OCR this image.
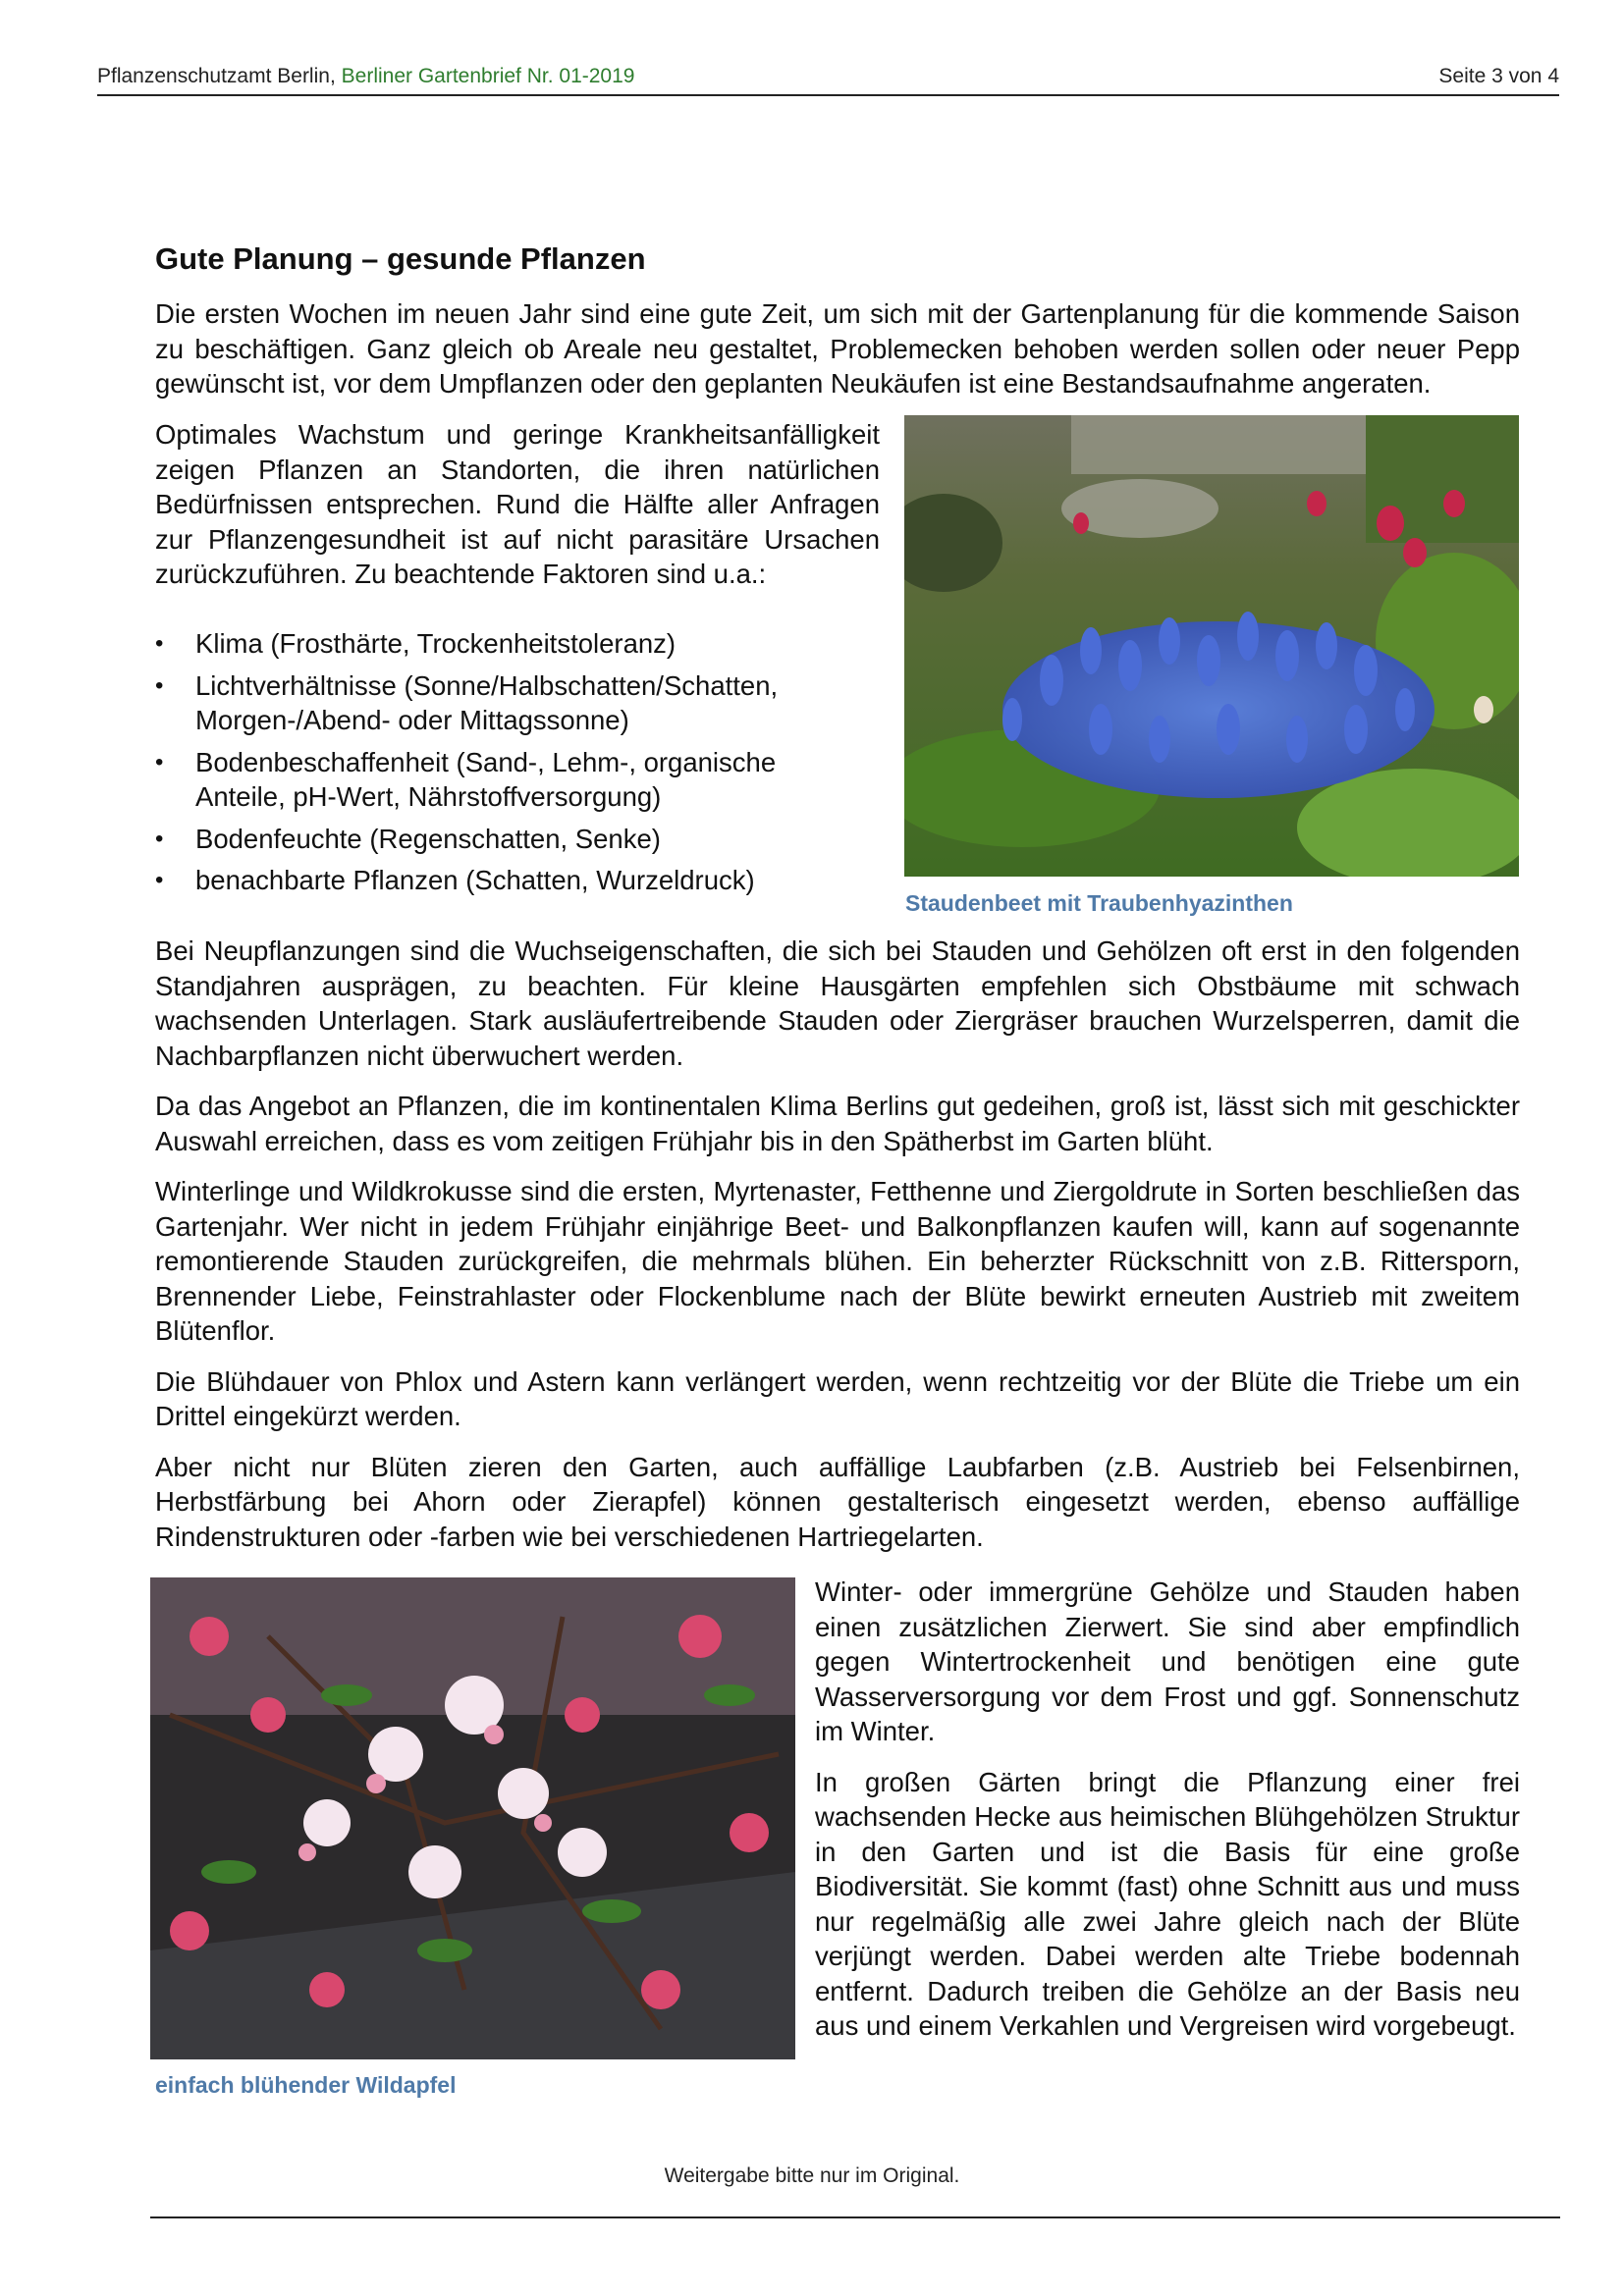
Pflanzenschutzamt Berlin, Berliner Gartenbrief Nr. 01-2019	Seite 3 von 4
Gute Planung – gesunde Pflanzen

Die ersten Wochen im neuen Jahr sind eine gute Zeit, um sich mit der Gartenplanung für die kommende Saison zu beschäftigen. Ganz gleich ob Areale neu gestaltet, Problemecken behoben werden sollen oder neuer Pepp gewünscht ist, vor dem Umpflanzen oder den geplanten Neukäufen ist eine Bestandsaufnahme angeraten.

Optimales Wachstum und geringe Krankheitsanfälligkeit zeigen Pflanzen an Standorten, die ihren natürlichen Bedürfnissen entsprechen. Rund die Hälfte aller Anfragen zur Pflanzengesundheit ist auf nicht parasitäre Ursachen zurückzuführen. Zu beachtende Faktoren sind u.a.:

• Klima (Frosthärte, Trockenheitstoleranz)
• Lichtverhältnisse (Sonne/Halbschatten/Schatten, Morgen-/Abend- oder Mittagssonne)
• Bodenbeschaffenheit (Sand-, Lehm-, organische Anteile, pH-Wert, Nährstoffversorgung)
• Bodenfeuchte (Regenschatten, Senke)
• benachbarte Pflanzen (Schatten, Wurzeldruck)
Staudenbeet mit Traubenhyazinthen

Bei Neupflanzungen sind die Wuchseigenschaften, die sich bei Stauden und Gehölzen oft erst in den folgenden Standjahren ausprägen, zu beachten. Für kleine Hausgärten empfehlen sich Obstbäume mit schwach wachsenden Unterlagen. Stark ausläufertreibende Stauden oder Ziergräser brauchen Wurzelsperren, damit die Nachbarpflanzen nicht überwuchert werden.

Da das Angebot an Pflanzen, die im kontinentalen Klima Berlins gut gedeihen, groß ist, lässt sich mit geschickter Auswahl erreichen, dass es vom zeitigen Frühjahr bis in den Spätherbst im Garten blüht.

Winterlinge und Wildkrokusse sind die ersten, Myrtenaster, Fetthenne und Ziergoldrute in Sorten beschließen das Gartenjahr. Wer nicht in jedem Frühjahr einjährige Beet- und Balkonpflanzen kaufen will, kann auf sogenannte remontierende Stauden zurückgreifen, die mehrmals blühen. Ein beherzter Rückschnitt von z.B. Rittersporn, Brennender Liebe, Feinstrahlaster oder Flockenblume nach der Blüte bewirkt erneuten Austrieb mit zweitem Blütenflor.

Die Blühdauer von Phlox und Astern kann verlängert werden, wenn rechtzeitig vor der Blüte die Triebe um ein Drittel eingekürzt werden.

Aber nicht nur Blüten zieren den Garten, auch auffällige Laubfarben (z.B. Austrieb bei Felsenbirnen, Herbstfärbung bei Ahorn oder Zierapfel) können gestalterisch eingesetzt werden, ebenso auffällige Rindenstrukturen oder -farben wie bei verschiedenen Hartriegelarten.

einfach blühender Wildapfel

Winter- oder immergrüne Gehölze und Stauden haben einen zusätzlichen Zierwert. Sie sind aber empfindlich gegen Wintertrockenheit und benötigen eine gute Wasserversorgung vor dem Frost und ggf. Sonnenschutz im Winter.

In großen Gärten bringt die Pflanzung einer frei wachsenden Hecke aus heimischen Blühgehölzen Struktur in den Garten und ist die Basis für eine große Biodiversität. Sie kommt (fast) ohne Schnitt aus und muss nur regelmäßig alle zwei Jahre gleich nach der Blüte verjüngt werden. Dabei werden alte Triebe bodennah entfernt. Dadurch treiben die Gehölze an der Basis neu aus und einem Verkahlen und Vergreisen wird vorgebeugt.

Weitergabe bitte nur im Original.
